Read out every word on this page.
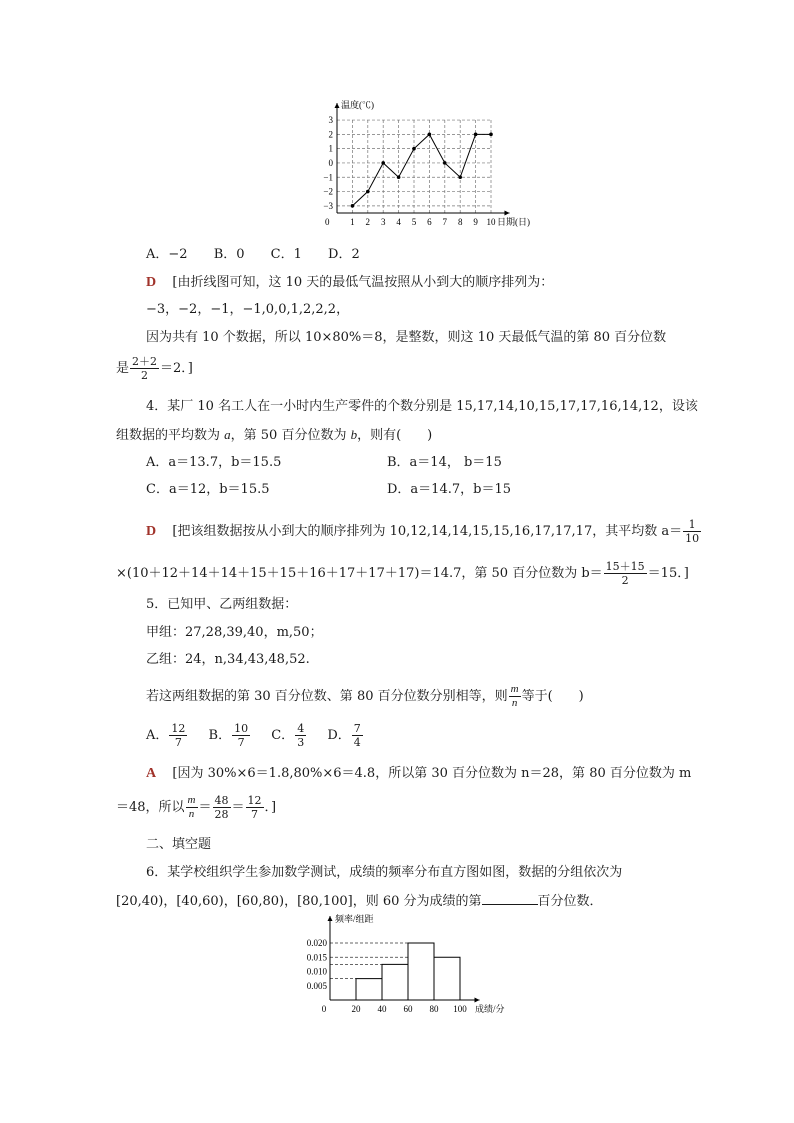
温度(℃)
日期(日)
0
3
2
1
0
−1
−2
−3
1 2 3 4 5 6 7 8 9 10
A．−2 B．0 C．1 D．2
D [由折线图可知，这 10 天的最低气温按照从小到大的顺序排列为：
−3，−2，−1，−1,0,0,1,2,2,2，
因为共有 10 个数据，所以 10×80%＝8，是整数，则这 10 天最低气温的第 80 百分位数
是 $\frac{2+2}{2} =2$．]
4．某厂 10 名工人在一小时内生产零件的个数分别是 15,17,14,10,15,17,17,16,14,12，设该
组数据的平均数为 a，第 50 百分位数为 b，则有(　　)
A．a＝13.7，b＝15.5	B．a＝14， b＝15
C．a＝12，b＝15.5	D．a＝14.7，b＝15
D [把该组数据按从小到大的顺序排列为 10,12,14,14,15,15,16,17,17,17，其平均数 $a= \frac{1}{10}$
×(10＋12＋14＋14＋15＋15＋16＋17＋17＋17)＝14.7，第 50 百分位数为 $b= \frac{15+15}{2} =15$．]
5．已知甲、乙两组数据：
甲组：27,28,39,40，m,50；
乙组：24，n,34,43,48,52.
若这两组数据的第 30 百分位数、第 80 百分位数分别相等，则 $\frac{m}{n}$ 等于(　　)
A． $\frac{12}{7}$ B． $\frac{10}{7}$ C． $\frac{4}{3}$ D． $\frac{7}{4}$
A [因为 30%×6＝1.8,80%×6＝4.8，所以第 30 百分位数为 n＝28，第 80 百分位数为 m
＝48，所以 $\frac{m}{n} = \frac{48}{28} = \frac{12}{7}$ ．]
二、填空题
6．某学校组织学生参加数学测试，成绩的频率分布直方图如图，数据的分组依次为
[20,40)，[40,60)，[60,80)，[80,100]，则 60 分为成绩的第	百分位数．
频率/组距
成绩/分
0
0.020
0.015
0.010
0.005
20 40 60 80 100
